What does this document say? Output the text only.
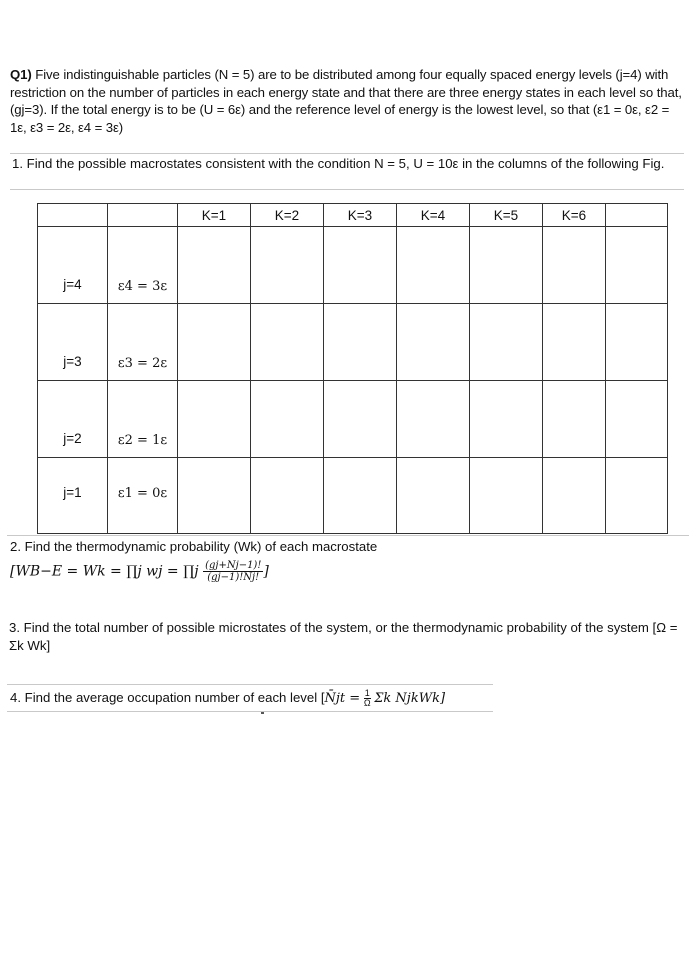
Q1) Five indistinguishable particles (N = 5) are to be distributed among four equally spaced energy levels (j=4) with restriction on the number of particles in each energy state and that there are three energy states in each level so that, (gj=3). If the total energy is to be (U = 6ε) and the reference level of energy is the lowest level, so that (ε1 = 0ε, ε2 = 1ε, ε3 = 2ε, ε4 = 3ε)
1. Find the possible macrostates consistent with the condition N = 5, U = 10ε in the columns of the following Fig.
		K=1	K=2	K=3	K=4	K=5	K=6	

j=4	ε4 = 3ε							

j=3	ε3 = 2ε							

j=2	ε2 = 1ε							

j=1	ε1 = 0ε							

2. Find the thermodynamic probability (Wk) of each macrostate
[WB−E = Wk = ∏j wj = ∏j $\frac{(gj+Nj-1)!}{(gj-1)!Nj!}$ ]
3. Find the total number of possible microstates of the system, or the thermodynamic probability of the system [Ω = Σk Wk]
4. Find the average occupation number of each level [N̄jt = $\frac{1}{\Omega}$ Σk NjkWk]
